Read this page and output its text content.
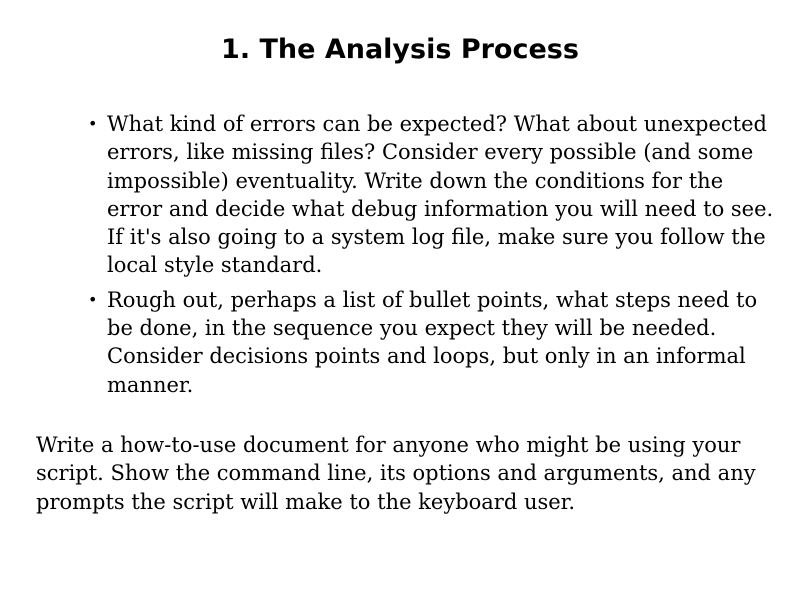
1. The Analysis Process
• What kind of errors can be expected? What about unexpected errors, like missing files? Consider every possible (and some impossible) eventuality. Write down the conditions for the error and decide what debug information you will need to see. If it's also going to a system log file, make sure you follow the local style standard.
• Rough out, perhaps a list of bullet points, what steps need to be done, in the sequence you expect they will be needed. Consider decisions points and loops, but only in an informal manner.

Write a how-to-use document for anyone who might be using your script. Show the command line, its options and arguments, and any prompts the script will make to the keyboard user.
